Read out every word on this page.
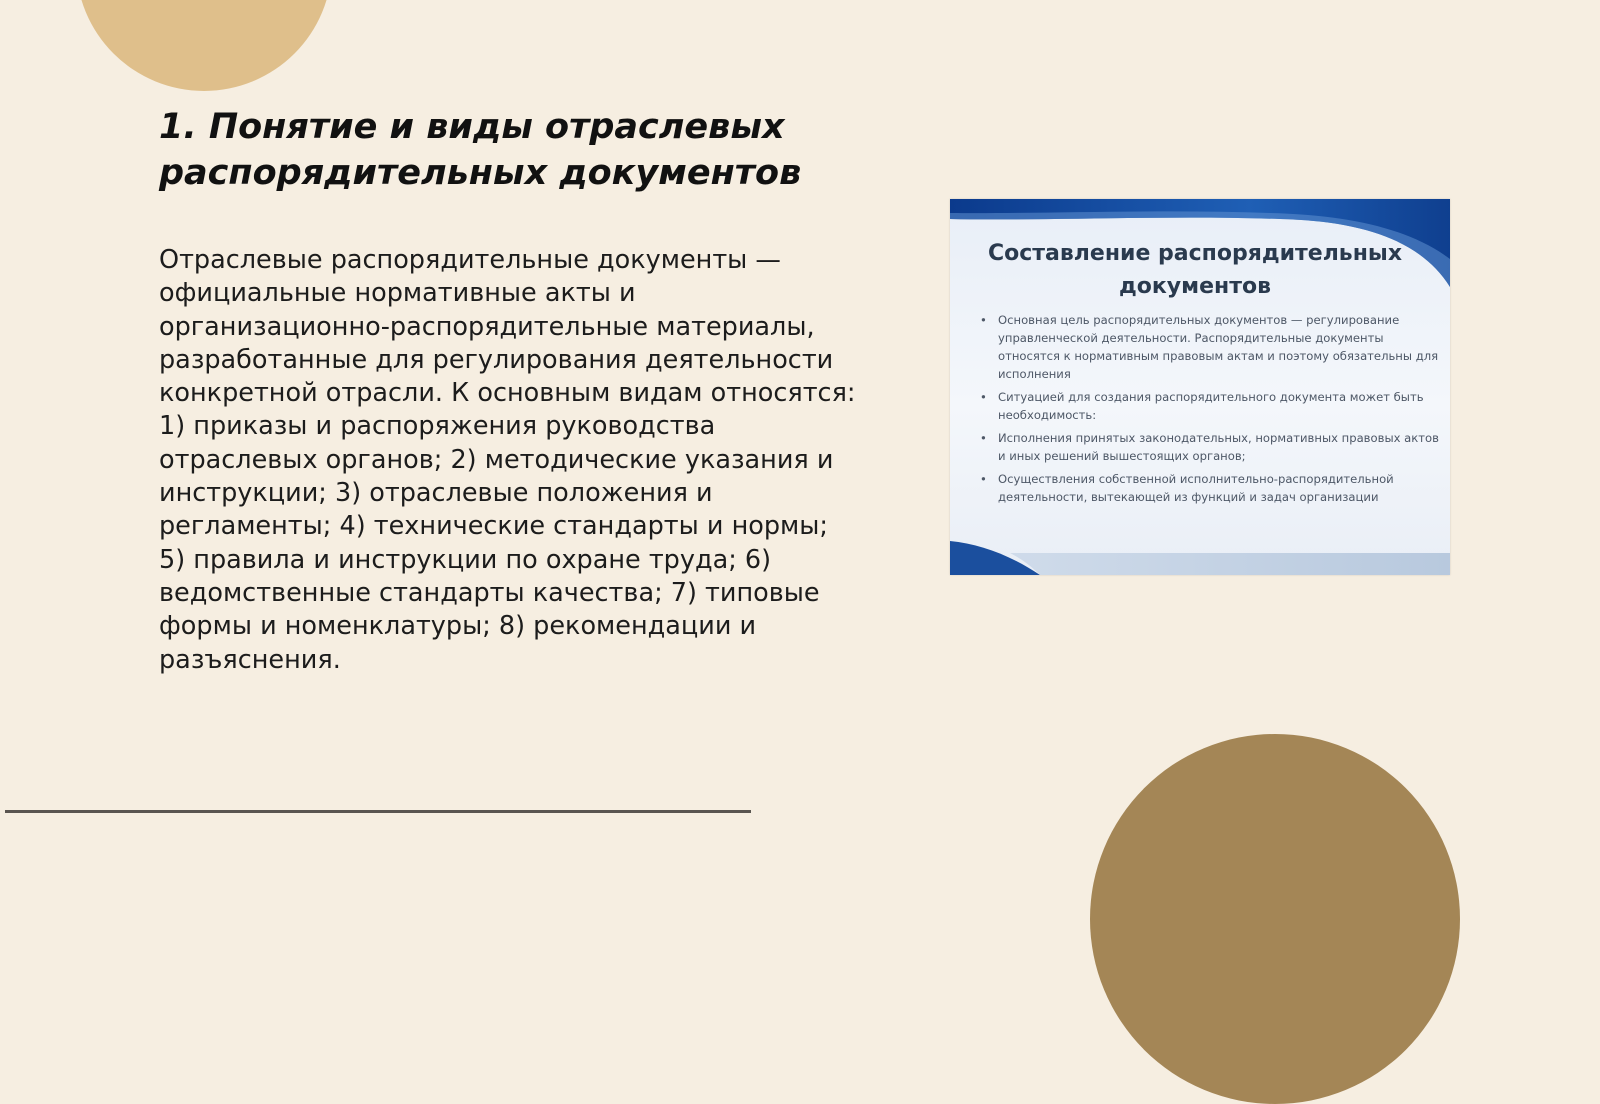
1. Понятие и виды отраслевых
распорядительных документов

Отраслевые распорядительные документы — официальные нормативные акты и организационно-распорядительные материалы, разработанные для регулирования деятельности конкретной отрасли. К основным видам относятся: 1) приказы и распоряжения руководства отраслевых органов; 2) методические указания и инструкции; 3) отраслевые положения и регламенты; 4) технические стандарты и нормы; 5) правила и инструкции по охране труда; 6) ведомственные стандарты качества; 7) типовые формы и номенклатуры; 8) рекомендации и разъяснения.

Составление распорядительных
документов
• Основная цель распорядительных документов — регулирование управленческой деятельности. Распорядительные документы относятся к нормативным правовым актам и поэтому обязательны для исполнения
• Ситуацией для создания распорядительного документа может быть необходимость:
• Исполнения принятых законодательных, нормативных правовых актов и иных решений вышестоящих органов;
• Осуществления собственной исполнительно-распорядительной деятельности, вытекающей из функций и задач организации
